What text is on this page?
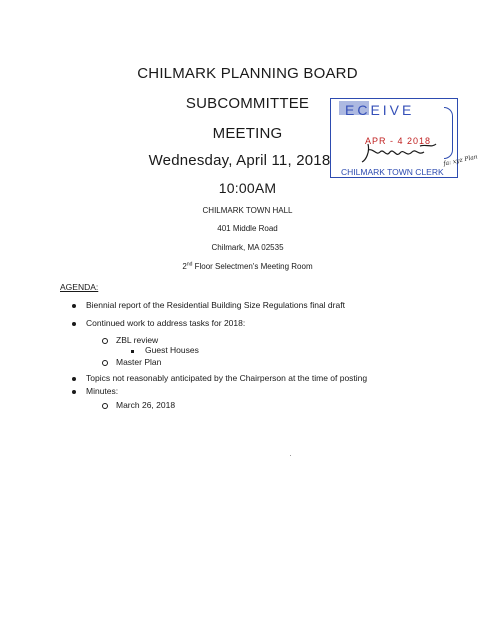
CHILMARK PLANNING BOARD
SUBCOMMITTEE
MEETING
Wednesday, April 11, 2018
10:00AM
CHILMARK TOWN HALL
401 Middle Road
Chilmark, MA 02535
2nd Floor Selectmen's Meeting Room
AGENDA:
Biennial report of the Residential Building Size Regulations final draft
Continued work to address tasks for 2018:
ZBL review
Guest Houses
Master Plan
Topics not reasonably anticipated by the Chairperson at the time of posting
Minutes:
March 26, 2018
ECEIVE
APR - 4 2018
CHILMARK TOWN CLERK
fa: xyz Plan
